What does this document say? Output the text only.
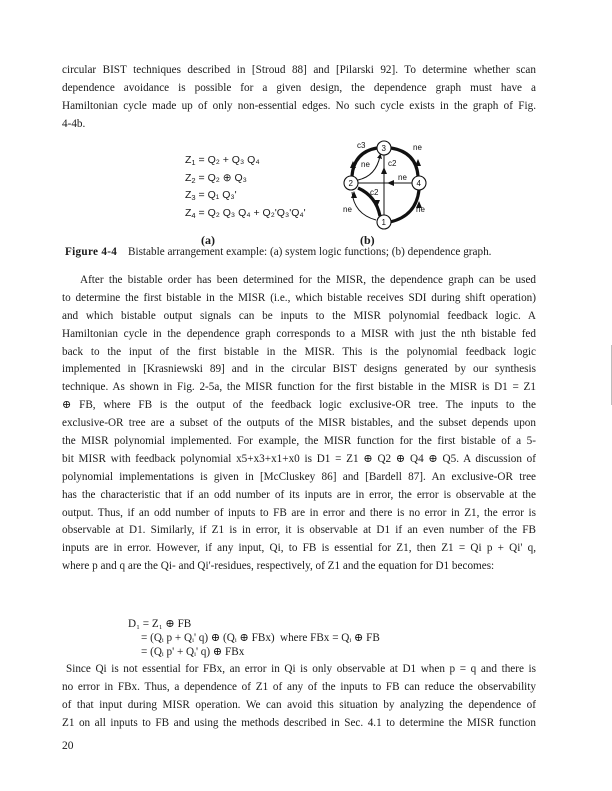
circular BIST techniques described in [Stroud 88] and [Pilarski 92]. To determine whether scan
dependence avoidance is possible for a given design, the dependence graph must have a
Hamiltonian cycle made up of only non-essential edges. No such cycle exists in the graph of Fig.
4-4b.
$Z_1 = Q_2 + Q_3$ Q₄
$Z_2 = Q_2$ ⊕ Q₃
$Z_3 = Q_1$ Q₃'
$Z_4 = Q_2$ Q₃ Q₄ + Q₂'Q₃'Q₄'
(a)
3
2	4
1
c3
ne
ne
c2
ne
c2
ne	ne
(b)
Figure 4-4 Bistable arrangement example: (a) system logic functions; (b) dependence graph.
After the bistable order has been determined for the MISR, the dependence graph can be used
to determine the first bistable in the MISR (i.e., which bistable receives SDI during shift operation)
and which bistable output signals can be inputs to the MISR polynomial feedback logic. A
Hamiltonian cycle in the dependence graph corresponds to a MISR with just the nth bistable fed
back to the input of the first bistable in the MISR. This is the polynomial feedback logic
implemented in [Krasniewski 89] and in the circular BIST designs generated by our synthesis
technique. As shown in Fig. 2-5a, the MISR function for the first bistable in the MISR is D1 = Z1
⊕ FB, where FB is the output of the feedback logic exclusive-OR tree. The inputs to the
exclusive-OR tree are a subset of the outputs of the MISR bistables, and the subset depends upon
the MISR polynomial implemented. For example, the MISR function for the first bistable of a 5-
bit MISR with feedback polynomial x5+x3+x1+x0 is D1 = Z1 ⊕ Q2 ⊕ Q4 ⊕ Q5. A discussion of
polynomial implementations is given in [McCluskey 86] and [Bardell 87]. An exclusive-OR tree
has the characteristic that if an odd number of its inputs are in error, the error is observable at the
output. Thus, if an odd number of inputs to FB are in error and there is no error in Z1, the error is
observable at D1. Similarly, if Z1 is in error, it is observable at D1 if an even number of the FB
inputs are in error. However, if any input, Qi, to FB is essential for Z1, then Z1 = Qi p + Qi' q,
where p and q are the Qi- and Qi'-residues, respectively, of Z1 and the equation for D1 becomes:
D₁ = Z₁ ⊕ FB
= (Qᵢ p + Qᵢ' q) ⊕ (Qᵢ ⊕ FBx) where FBx = Qᵢ ⊕ FB
= (Qᵢ p' + Qᵢ' q) ⊕ FBx
Since Qi is not essential for FBx, an error in Qi is only observable at D1 when p = q and there is
no error in FBx. Thus, a dependence of Z1 of any of the inputs to FB can reduce the observability
of that input during MISR operation. We can avoid this situation by analyzing the dependence of
Z1 on all inputs to FB and using the methods described in Sec. 4.1 to determine the MISR function
20
